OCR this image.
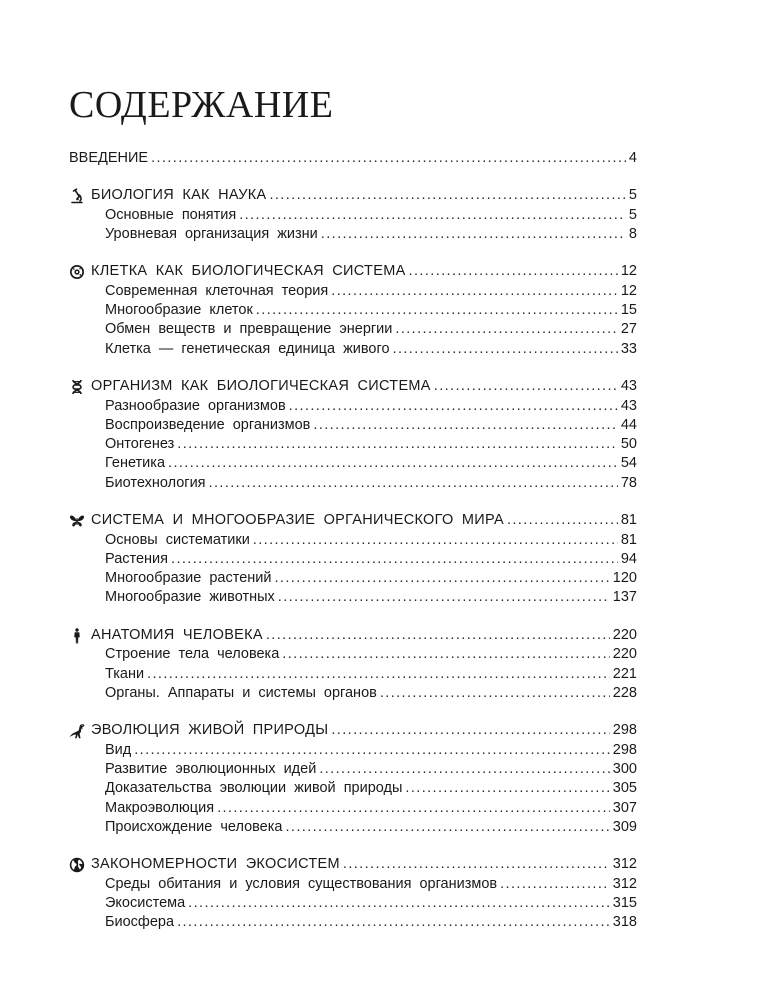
СОДЕРЖАНИЕ
ВВЕДЕНИЕ .....	4
БИОЛОГИЯ КАК НАУКА .....	5
Основные понятия .....	5
Уровневая организация жизни .....	8
КЛЕТКА КАК БИОЛОГИЧЕСКАЯ СИСТЕМА .....	12
Современная клеточная теория .....	12
Многообразие клеток .....	15
Обмен веществ и превращение энергии .....	27
Клетка — генетическая единица живого .....	33
ОРГАНИЗМ КАК БИОЛОГИЧЕСКАЯ СИСТЕМА .....	43
Разнообразие организмов .....	43
Воспроизведение организмов .....	44
Онтогенез .....	50
Генетика .....	54
Биотехнология .....	78
СИСТЕМА И МНОГООБРАЗИЕ ОРГАНИЧЕСКОГО МИРА .....	81
Основы систематики .....	81
Растения .....	94
Многообразие растений .....	120
Многообразие животных .....	137
АНАТОМИЯ ЧЕЛОВЕКА .....	220
Строение тела человека .....	220
Ткани .....	221
Органы. Аппараты и системы органов .....	228
ЭВОЛЮЦИЯ ЖИВОЙ ПРИРОДЫ .....	298
Вид .....	298
Развитие эволюционных идей .....	300
Доказательства эволюции живой природы .....	305
Макроэволюция .....	307
Происхождение человека .....	309
ЗАКОНОМЕРНОСТИ ЭКОСИСТЕМ .....	312
Среды обитания и условия существования организмов .....	312
Экосистема .....	315
Биосфера .....	318
